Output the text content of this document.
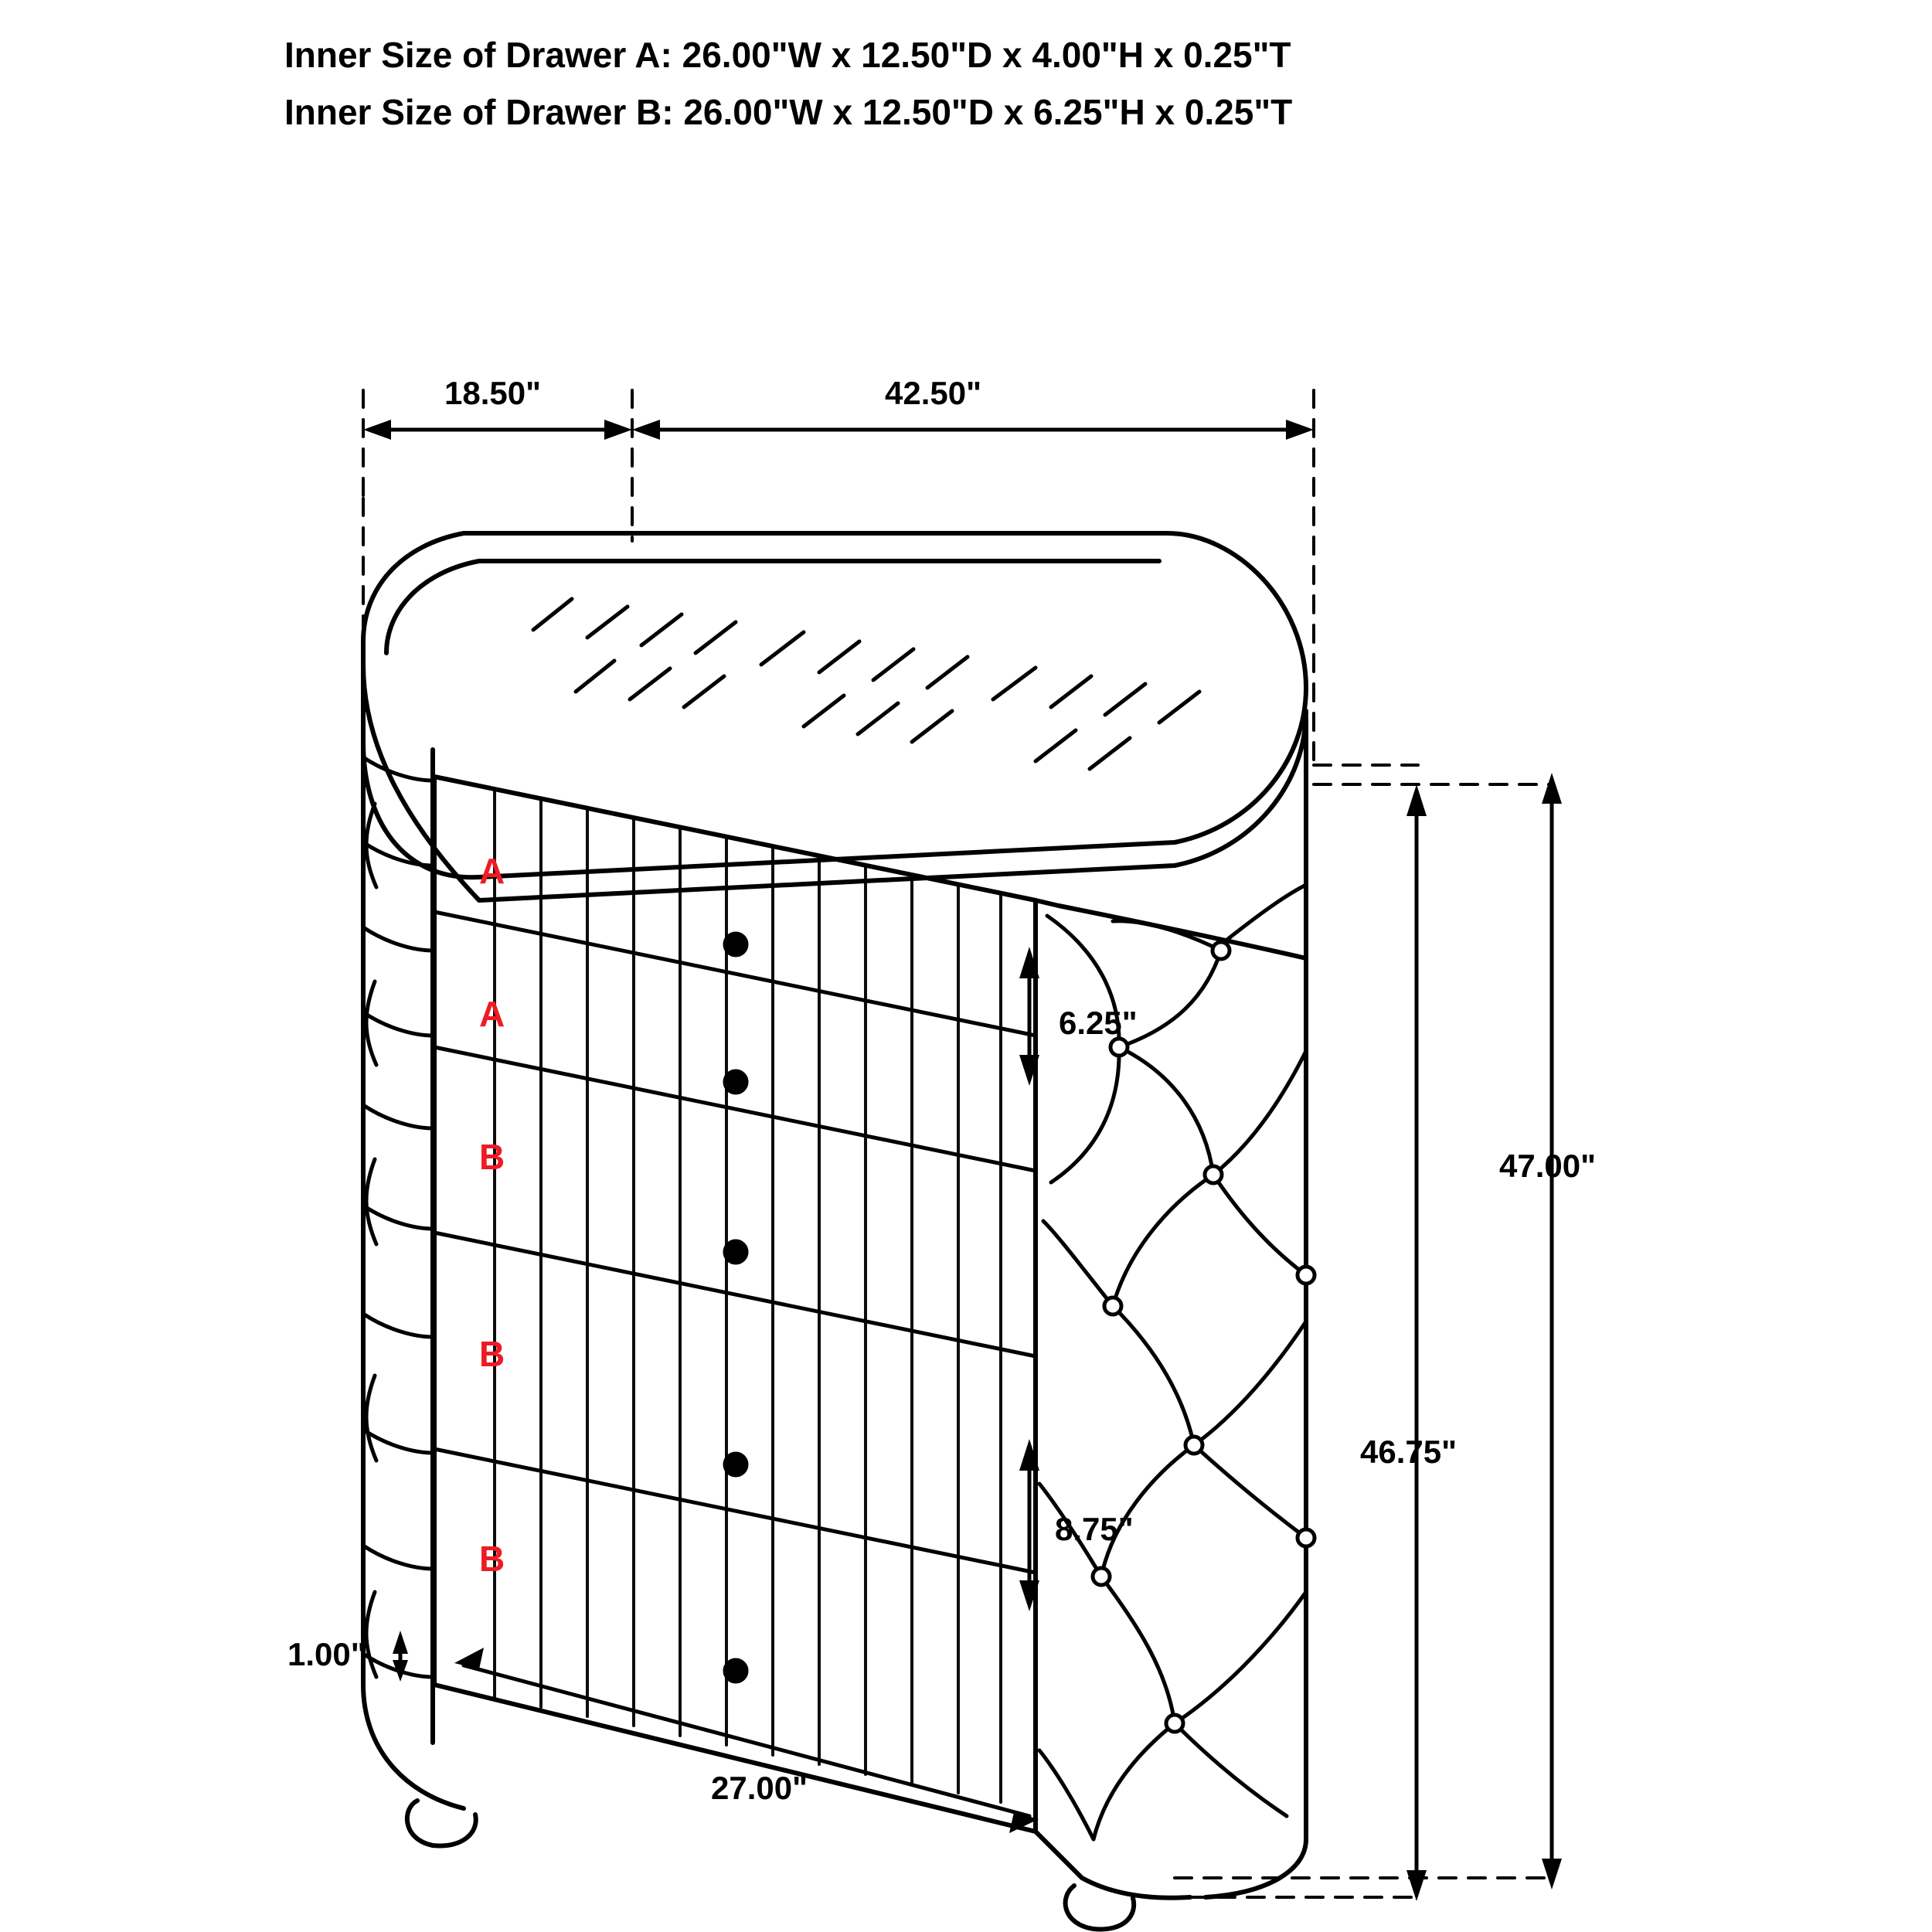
Inner Size of Drawer A: 26.00"W x 12.50"D x 4.00"H x 0.25"T
Inner Size of Drawer B: 26.00"W x 12.50"D x 6.25"H x 0.25"T
18.50"	42.50"
6.25"
8.75"
47.00"
46.75"
1.00"
27.00"
A
A
B
B
B
